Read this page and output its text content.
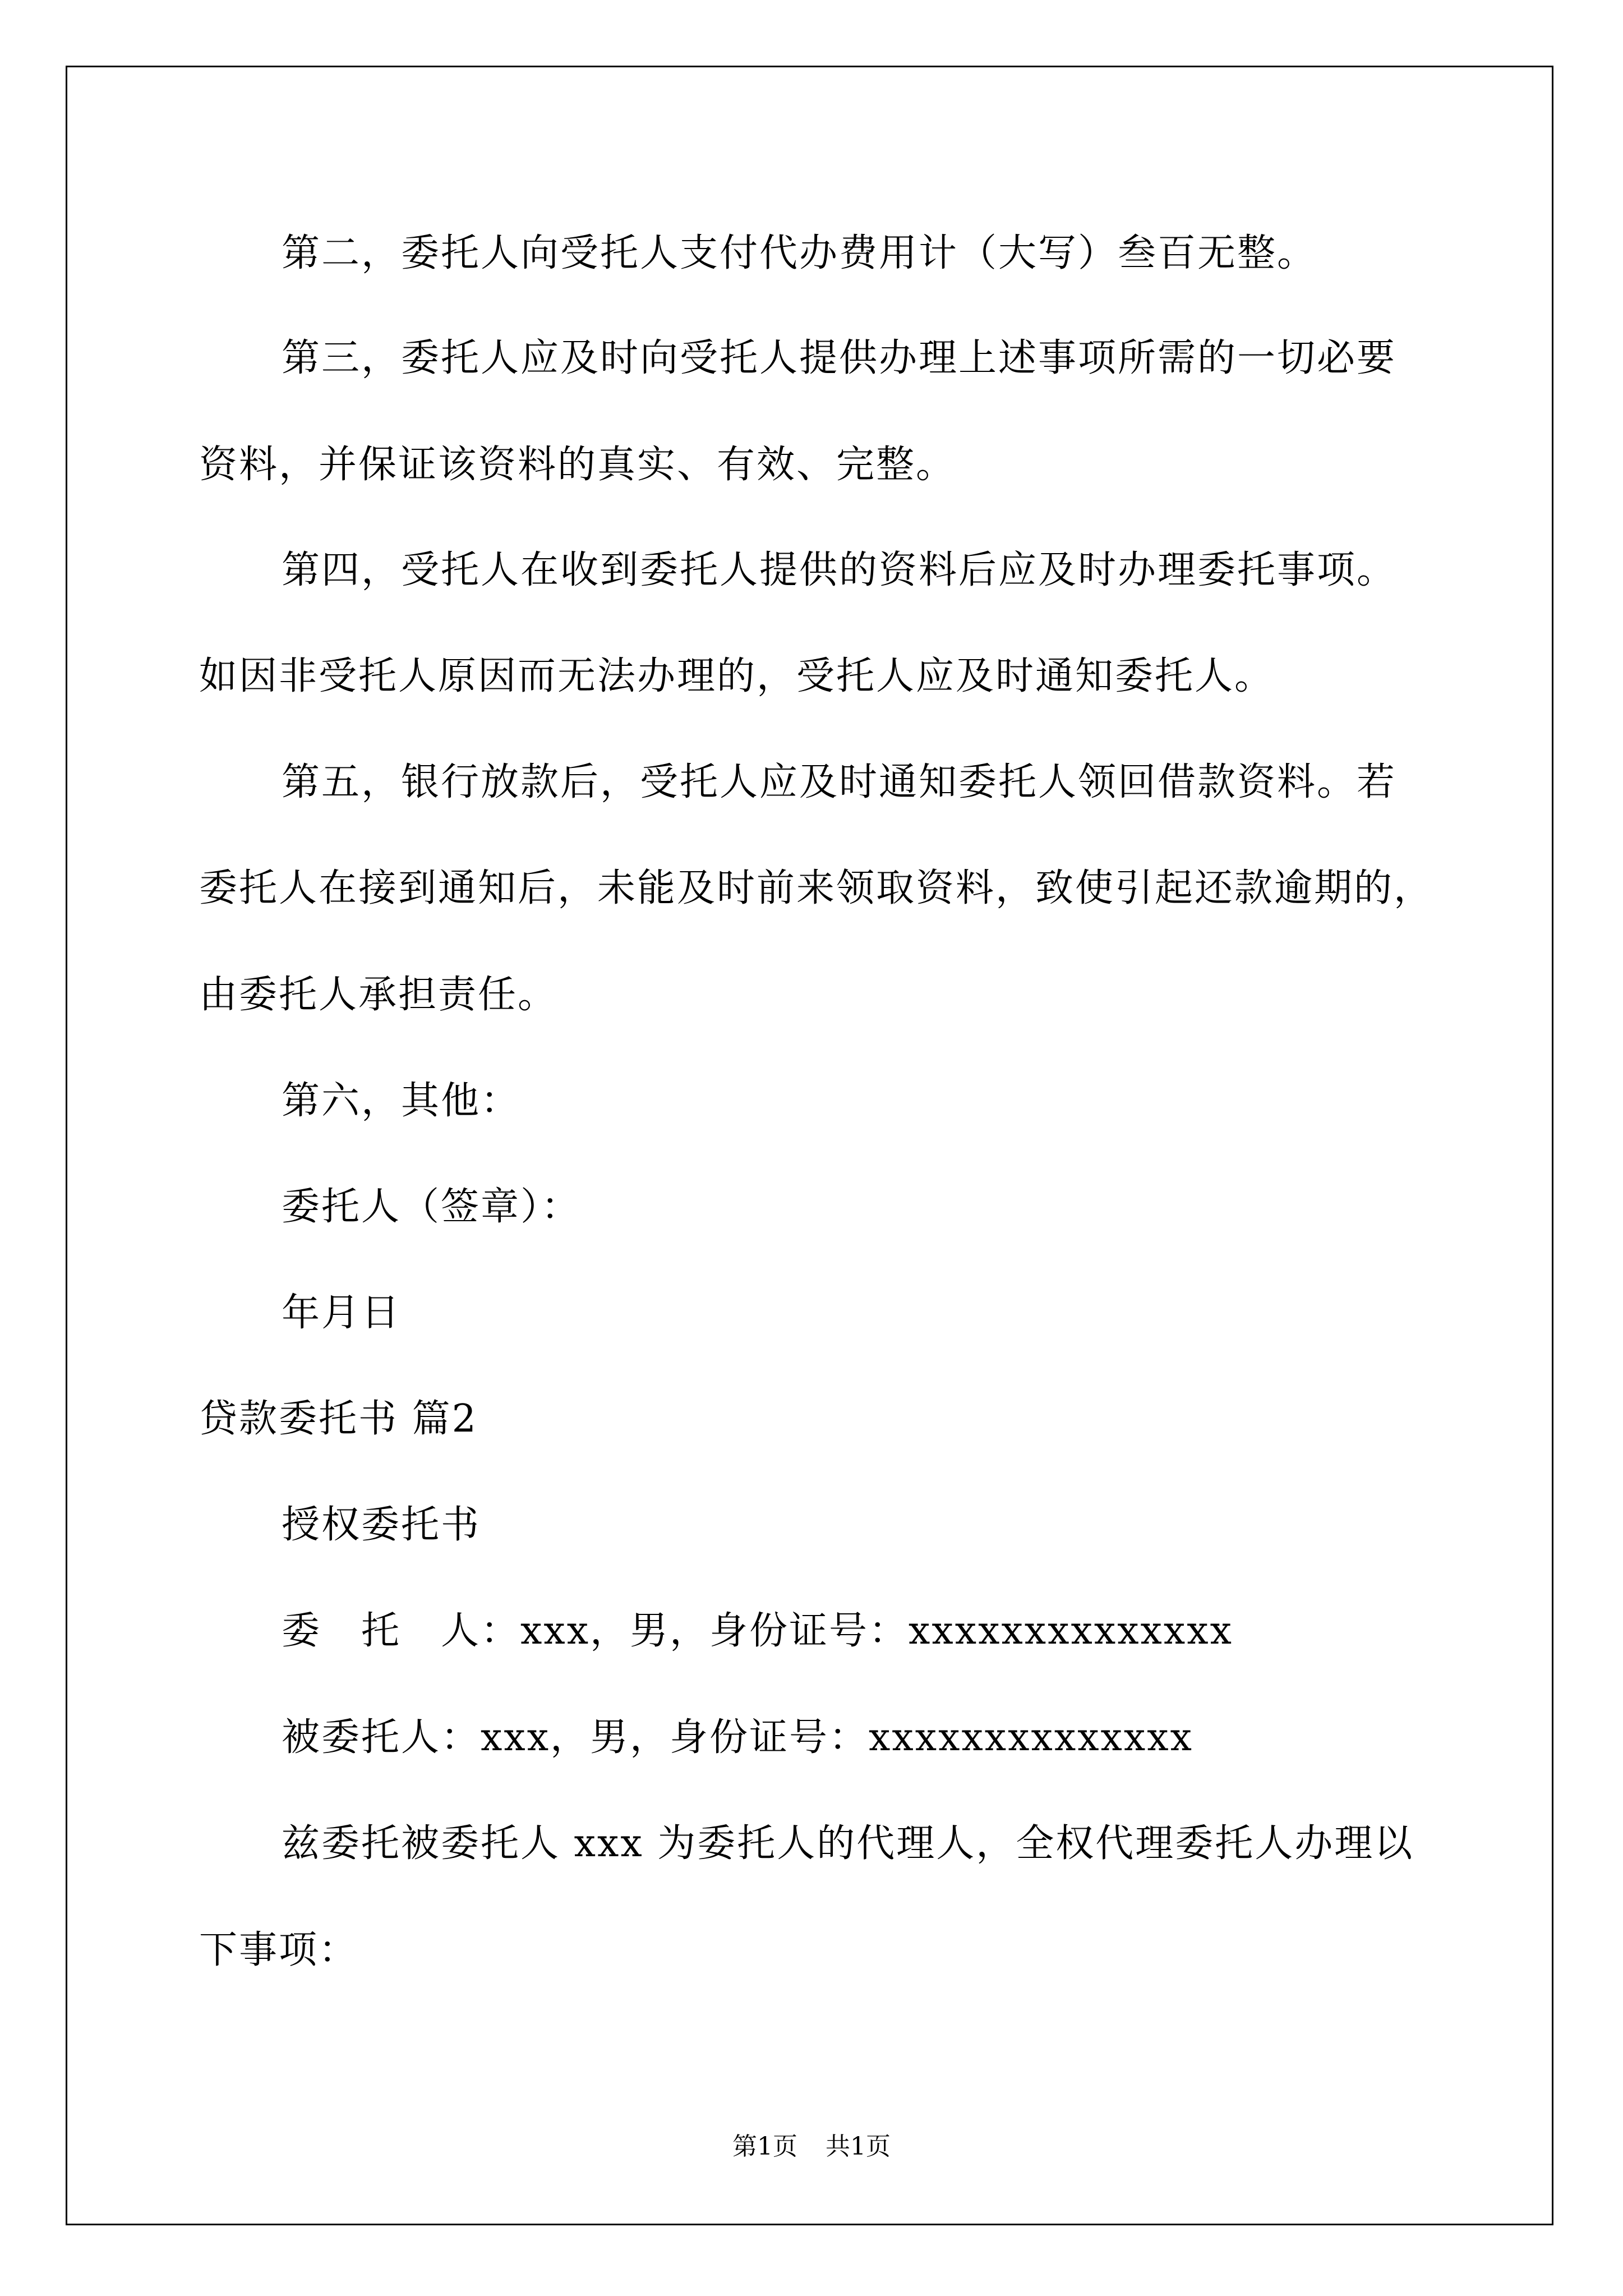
第二，委托人向受托人支付代办费用计（大写）叁百无整。
第三，委托人应及时向受托人提供办理上述事项所需的一切必要
资料，并保证该资料的真实、有效、完整。
第四，受托人在收到委托人提供的资料后应及时办理委托事项。
如因非受托人原因而无法办理的，受托人应及时通知委托人。
第五，银行放款后，受托人应及时通知委托人领回借款资料。若
委托人在接到通知后，未能及时前来领取资料，致使引起还款逾期的，
由委托人承担责任。
第六，其他：
委托人（签章）：
年月日
贷款委托书 篇2
授权委托书
委　托　人：xxx，男，身份证号：xxxxxxxxxxxxxx
被委托人：xxx，男，身份证号：xxxxxxxxxxxxxx
兹委托被委托人 xxx 为委托人的代理人，全权代理委托人办理以
下事项：
第1页 共1页
